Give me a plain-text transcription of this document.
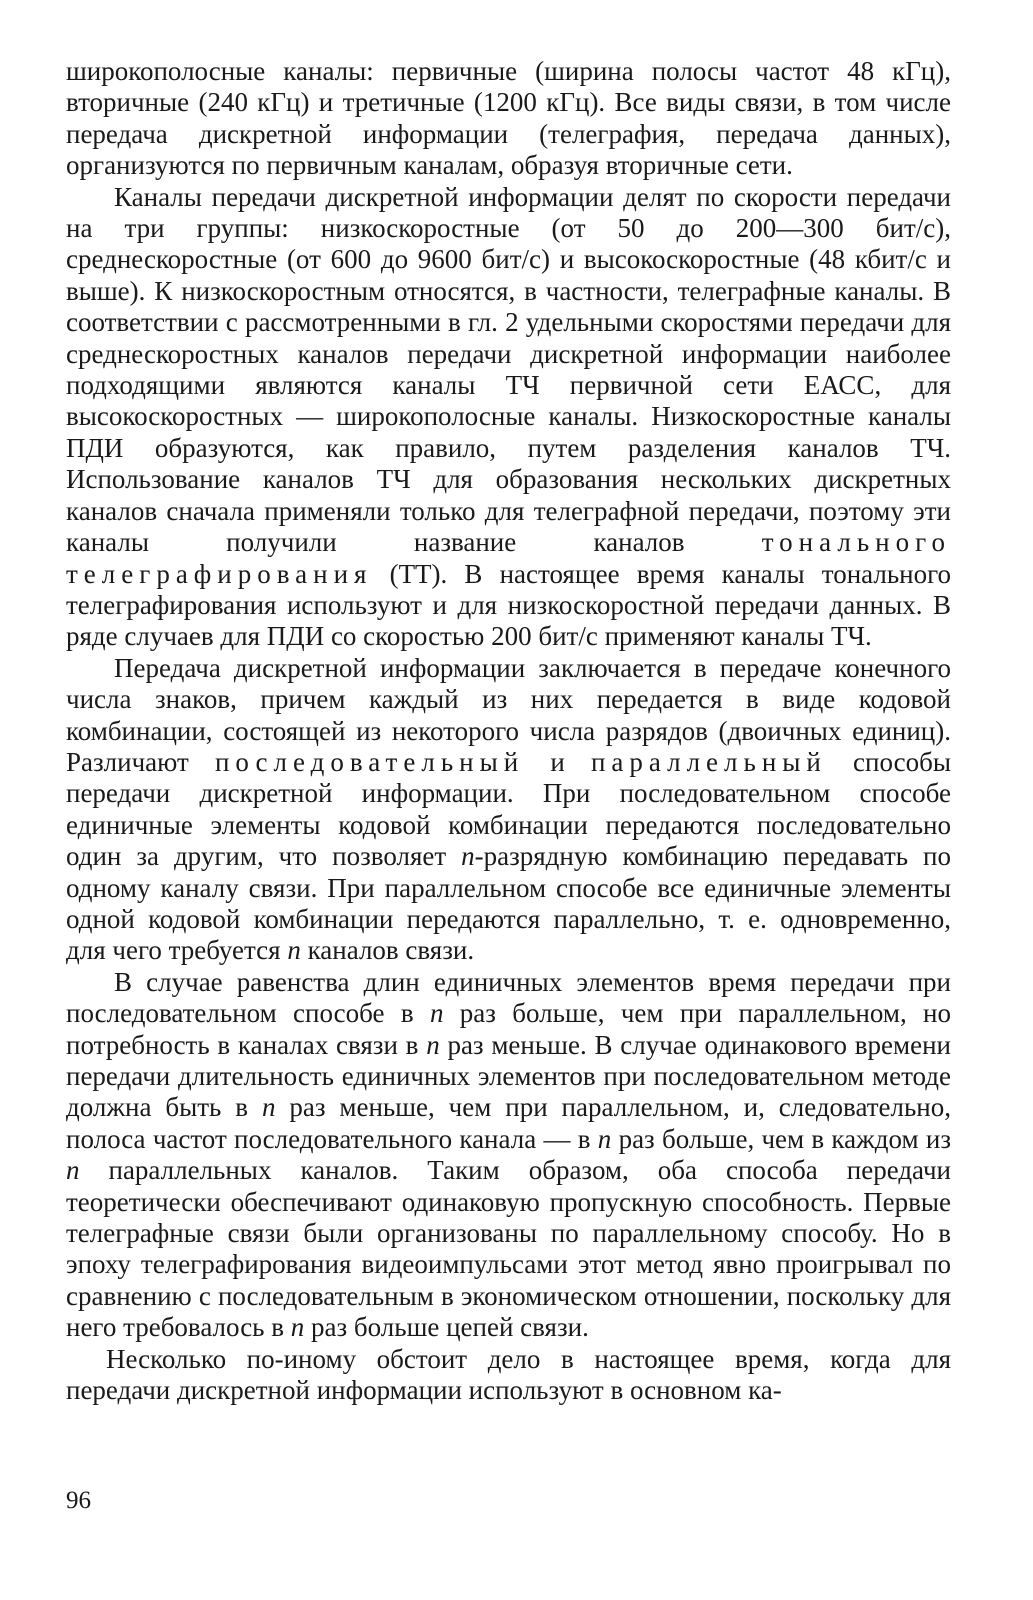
широкополосные каналы: первичные (ширина полосы частот 48 кГц), вторичные (240 кГц) и третичные (1200 кГц). Все виды связи, в том числе передача дискретной информации (телеграфия, передача данных), организуются по первичным каналам, образуя вторичные сети.

Каналы передачи дискретной информации делят по скорости передачи на три группы: низкоскоростные (от 50 до 200—300 бит/с), среднескоростные (от 600 до 9600 бит/с) и высокоскоростные (48 кбит/с и выше). К низкоскоростным относятся, в частности, телеграфные каналы. В соответствии с рассмотренными в гл. 2 удельными скоростями передачи для среднескоростных каналов передачи дискретной информации наиболее подходящими являются каналы ТЧ первичной сети ЕАСС, для высокоскоростных — широкополосные каналы. Низкоскоростные каналы ПДИ образуются, как правило, путем разделения каналов ТЧ. Использование каналов ТЧ для образования нескольких дискретных каналов сначала применяли только для телеграфной передачи, поэтому эти каналы получили название каналов тонального телеграфирования (ТТ). В настоящее время каналы тонального телеграфирования используют и для низкоскоростной передачи данных. В ряде случаев для ПДИ со скоростью 200 бит/с применяют каналы ТЧ.

Передача дискретной информации заключается в передаче конечного числа знаков, причем каждый из них передается в виде кодовой комбинации, состоящей из некоторого числа разрядов (двоичных единиц). Различают последовательный и параллельный способы передачи дискретной информации. При последовательном способе единичные элементы кодовой комбинации передаются последовательно один за другим, что позволяет n-разрядную комбинацию передавать по одному каналу связи. При параллельном способе все единичные элементы одной кодовой комбинации передаются параллельно, т. е. одновременно, для чего требуется n каналов связи.

В случае равенства длин единичных элементов время передачи при последовательном способе в n раз больше, чем при параллельном, но потребность в каналах связи в n раз меньше. В случае одинакового времени передачи длительность единичных элементов при последовательном методе должна быть в n раз меньше, чем при параллельном, и, следовательно, полоса частот последовательного канала — в n раз больше, чем в каждом из n параллельных каналов. Таким образом, оба способа передачи теоретически обеспечивают одинаковую пропускную способность. Первые телеграфные связи были организованы по параллельному способу. Но в эпоху телеграфирования видеоимпульсами этот метод явно проигрывал по сравнению с последовательным в экономическом отношении, поскольку для него требовалось в n раз больше цепей связи.

Несколько по-иному обстоит дело в настоящее время, когда для передачи дискретной информации используют в основном ка-

96
